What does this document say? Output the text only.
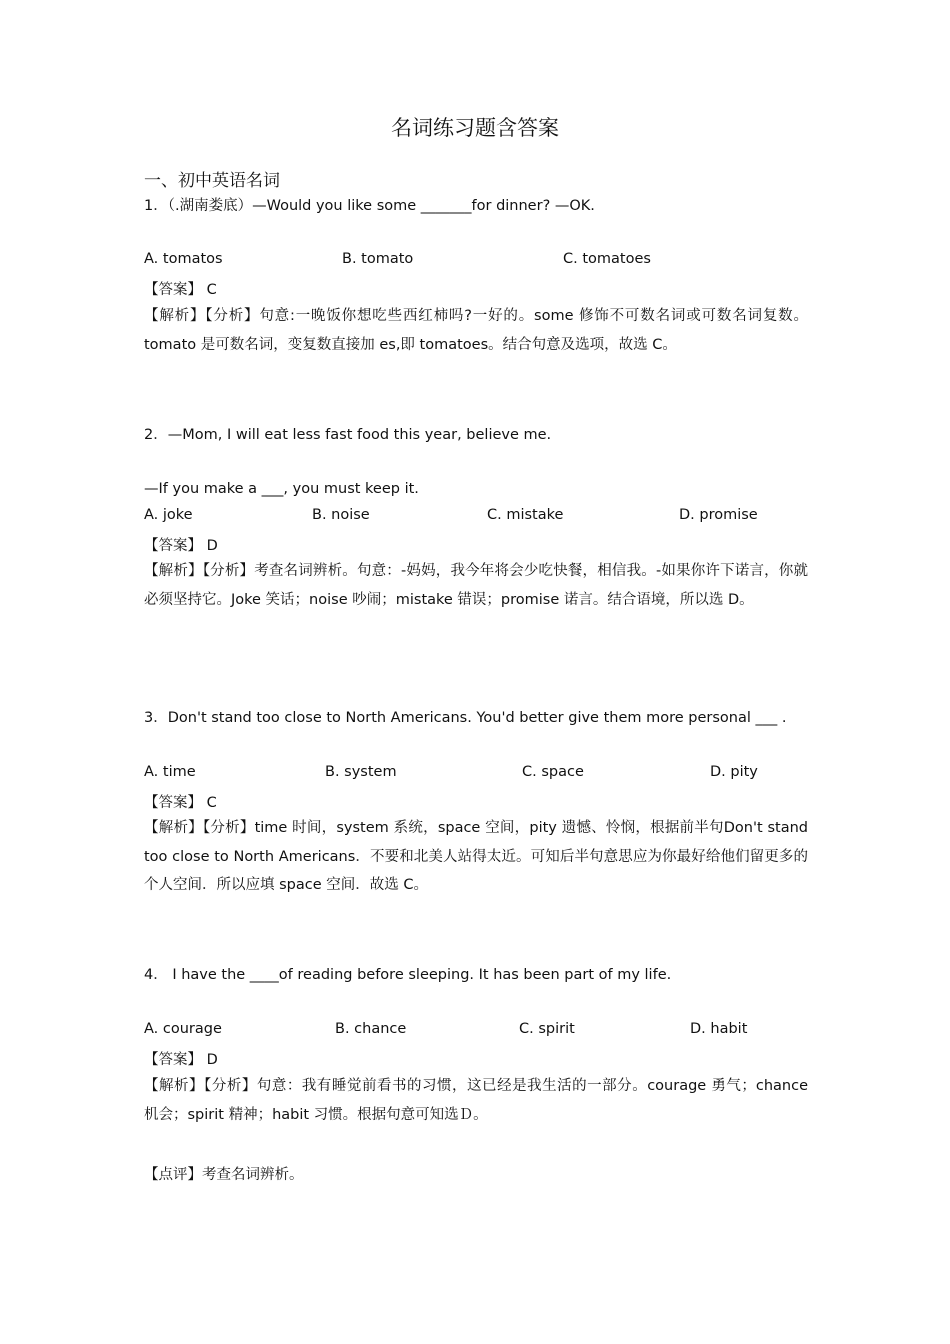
名词练习题含答案
一、初中英语名词
1．（.湖南娄底）—Would you like some _______for dinner? —OK.
A. tomatos	B. tomato	C. tomatoes
【答案】 C
【解析】【分析】句意:一晚饭你想吃些西红柿吗?一好的。some 修饰不可数名词或可数名词复数。tomato 是可数名词，变复数直接加 es,即 tomatoes。结合句意及选项，故选 C。
2．—Mom, I will eat less fast food this year, believe me.
—If you make a ___, you must keep it.
A. joke	B. noise	C. mistake	D. promise
【答案】 D
【解析】【分析】考查名词辨析。句意：-妈妈，我今年将会少吃快餐，相信我。-如果你许下诺言，你就必须坚持它。Joke 笑话；noise 吵闹；mistake 错误；promise 诺言。结合语境，所以选 D。
3．Don't stand too close to North Americans. You'd better give them more personal ___ .
A. time	B. system	C. space	D. pity
【答案】 C
【解析】【分析】time 时间，system 系统，space 空间，pity 遗憾、怜悯，根据前半句Don't stand too close to North Americans．不要和北美人站得太近。可知后半句意思应为你最好给他们留更多的个人空间．所以应填 space 空间．故选 C。
4． I have the ____of reading before sleeping. It has been part of my life.
A. courage	B. chance	C. spirit	D. habit
【答案】 D
【解析】【分析】句意：我有睡觉前看书的习惯，这已经是我生活的一部分。courage 勇气；chance 机会；spirit 精神；habit 习惯。根据句意可知选Ｄ。
【点评】考查名词辨析。
